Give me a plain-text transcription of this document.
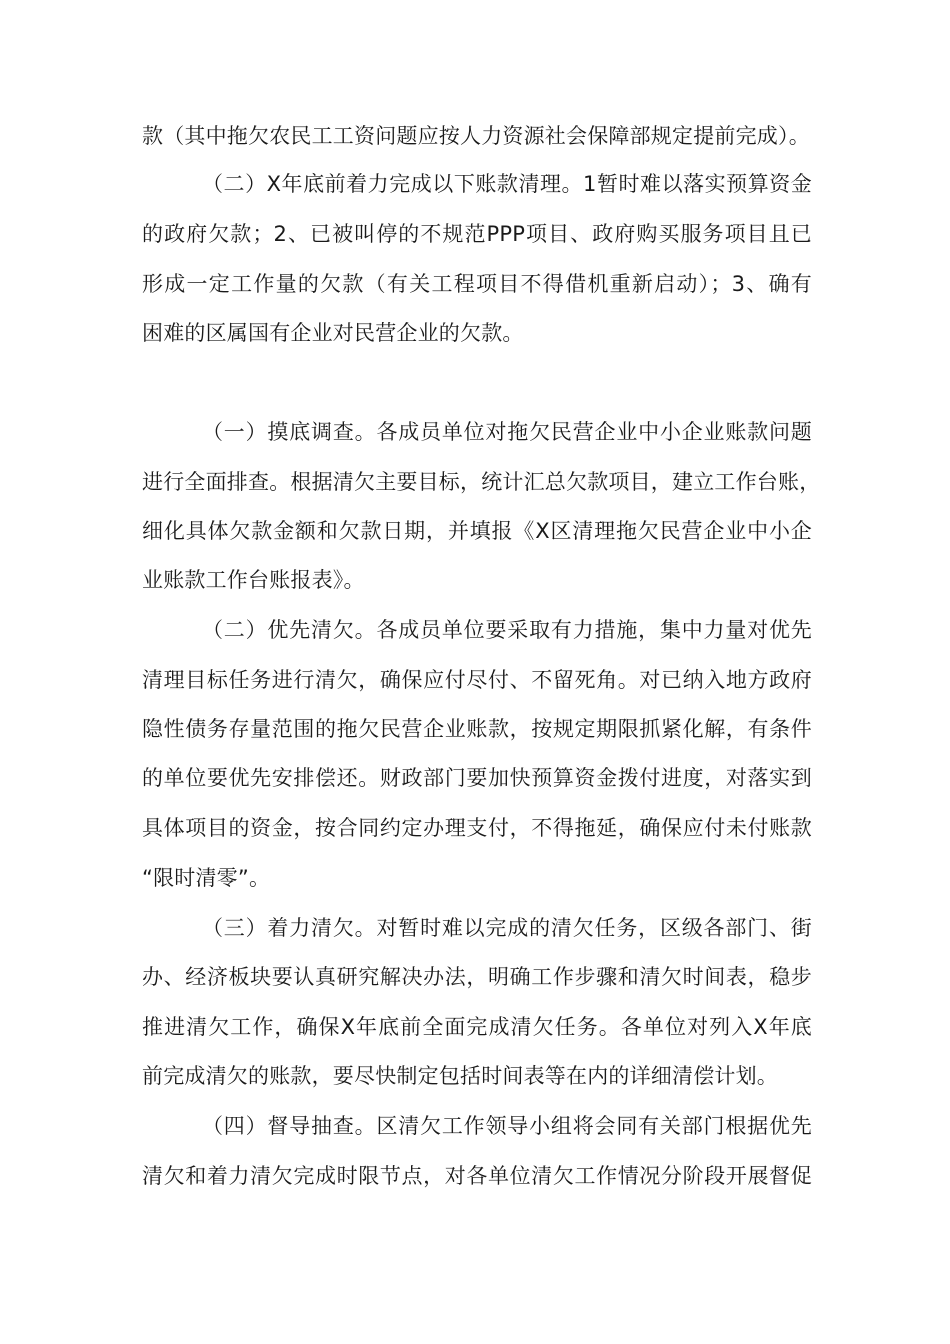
款（其中拖欠农民工工资问题应按人力资源社会保障部规定提前完成）。
（二）X年底前着力完成以下账款清理。1暂时难以落实预算资金
的政府欠款；2、已被叫停的不规范PPP项目、政府购买服务项目且已
形成一定工作量的欠款（有关工程项目不得借机重新启动）；3、确有
困难的区属国有企业对民营企业的欠款。
（一）摸底调查。各成员单位对拖欠民营企业中小企业账款问题
进行全面排查。根据清欠主要目标，统计汇总欠款项目，建立工作台账，
细化具体欠款金额和欠款日期，并填报《X区清理拖欠民营企业中小企
业账款工作台账报表》。
（二）优先清欠。各成员单位要采取有力措施，集中力量对优先
清理目标任务进行清欠，确保应付尽付、不留死角。对已纳入地方政府
隐性债务存量范围的拖欠民营企业账款，按规定期限抓紧化解，有条件
的单位要优先安排偿还。财政部门要加快预算资金拨付进度，对落实到
具体项目的资金，按合同约定办理支付，不得拖延，确保应付未付账款
“限时清零”。
（三）着力清欠。对暂时难以完成的清欠任务，区级各部门、街
办、经济板块要认真研究解决办法，明确工作步骤和清欠时间表，稳步
推进清欠工作，确保X年底前全面完成清欠任务。各单位对列入X年底
前完成清欠的账款，要尽快制定包括时间表等在内的详细清偿计划。
（四）督导抽查。区清欠工作领导小组将会同有关部门根据优先
清欠和着力清欠完成时限节点，对各单位清欠工作情况分阶段开展督促
